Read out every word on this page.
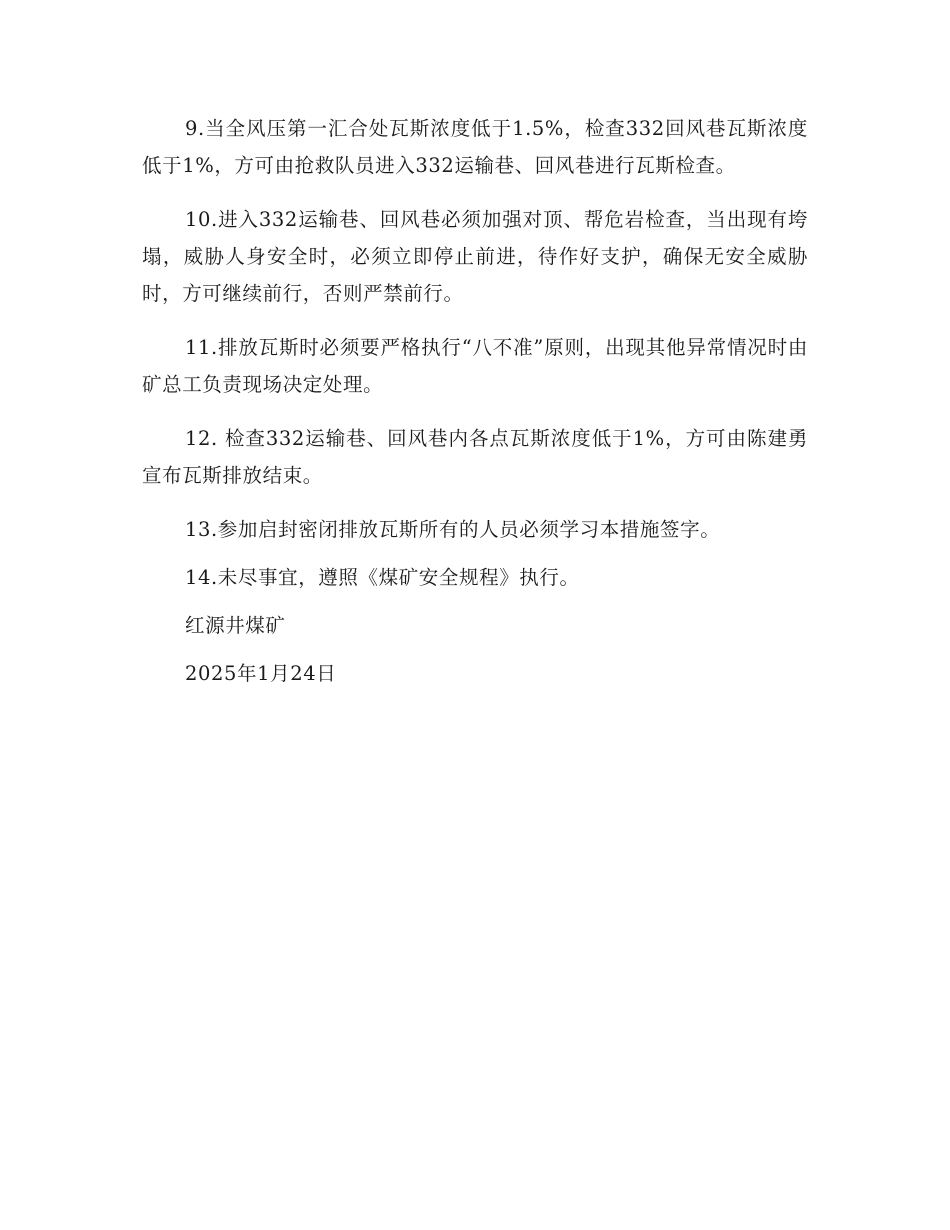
9.当全风压第一汇合处瓦斯浓度低于1.5%，检查332回风巷瓦斯浓度低于1%，方可由抢救队员进入332运输巷、回风巷进行瓦斯检查。

10.进入332运输巷、回风巷必须加强对顶、帮危岩检查，当出现有垮塌，威胁人身安全时，必须立即停止前进，待作好支护，确保无安全威胁时，方可继续前行，否则严禁前行。

11.排放瓦斯时必须要严格执行“八不准”原则，出现其他异常情况时由矿总工负责现场决定处理。

12. 检查332运输巷、回风巷内各点瓦斯浓度低于1%，方可由陈建勇宣布瓦斯排放结束。

13.参加启封密闭排放瓦斯所有的人员必须学习本措施签字。

14.未尽事宜，遵照《煤矿安全规程》执行。

红源井煤矿

2025年1月24日
